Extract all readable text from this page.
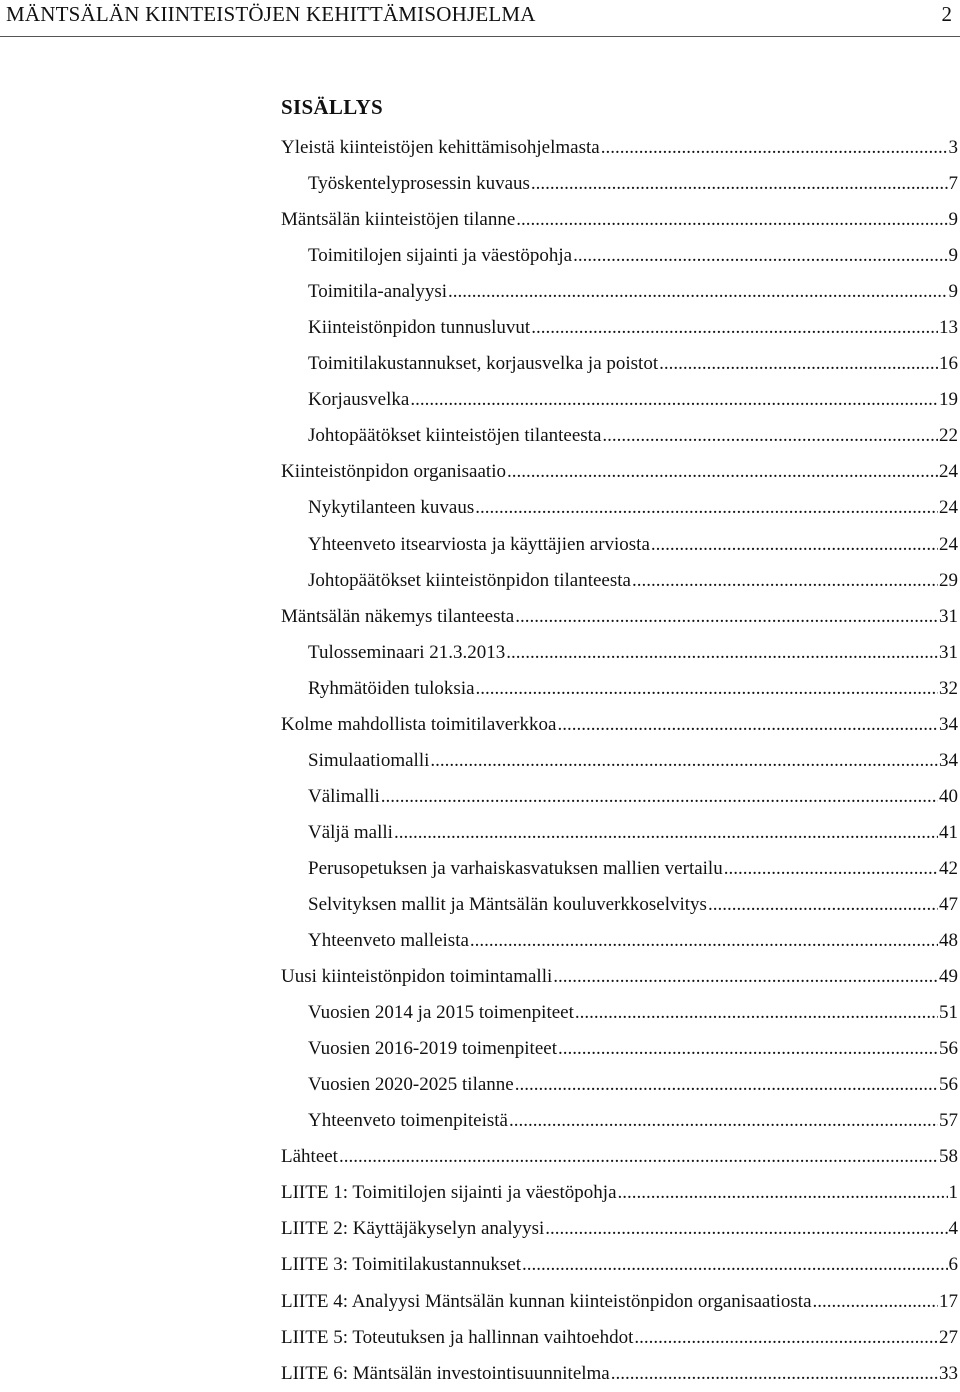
MÄNTSÄLÄN KIINTEISTÖJEN KEHITTÄMISOHJELMA	2
SISÄLLYS
Yleistä kiinteistöjen kehittämisohjelmasta .....	3
Työskentelyprosessin kuvaus .....	7
Mäntsälän kiinteistöjen tilanne .....	9
Toimitilojen sijainti ja väestöpohja .....	9
Toimitila-analyysi .....	9
Kiinteistönpidon tunnusluvut .....	13
Toimitilakustannukset, korjausvelka ja poistot .....	16
Korjausvelka .....	19
Johtopäätökset kiinteistöjen tilanteesta .....	22
Kiinteistönpidon organisaatio .....	24
Nykytilanteen kuvaus .....	24
Yhteenveto itsearviosta ja käyttäjien arviosta .....	24
Johtopäätökset kiinteistönpidon tilanteesta .....	29
Mäntsälän näkemys tilanteesta .....	31
Tulosseminaari 21.3.2013 .....	31
Ryhmätöiden tuloksia .....	32
Kolme mahdollista toimitilaverkkoa .....	34
Simulaatiomalli .....	34
Välimalli .....	40
Väljä malli .....	41
Perusopetuksen ja varhaiskasvatuksen mallien vertailu .....	42
Selvityksen mallit ja Mäntsälän kouluverkkoselvitys .....	47
Yhteenveto malleista .....	48
Uusi kiinteistönpidon toimintamalli .....	49
Vuosien 2014 ja 2015 toimenpiteet .....	51
Vuosien 2016-2019 toimenpiteet .....	56
Vuosien 2020-2025 tilanne .....	56
Yhteenveto toimenpiteistä .....	57
Lähteet .....	58
LIITE 1: Toimitilojen sijainti ja väestöpohja .....	1
LIITE 2: Käyttäjäkyselyn analyysi .....	4
LIITE 3: Toimitilakustannukset .....	6
LIITE 4: Analyysi Mäntsälän kunnan kiinteistönpidon organisaatiosta .....	17
LIITE 5: Toteutuksen ja hallinnan vaihtoehdot .....	27
LIITE 6: Mäntsälän investointisuunnitelma .....	33
